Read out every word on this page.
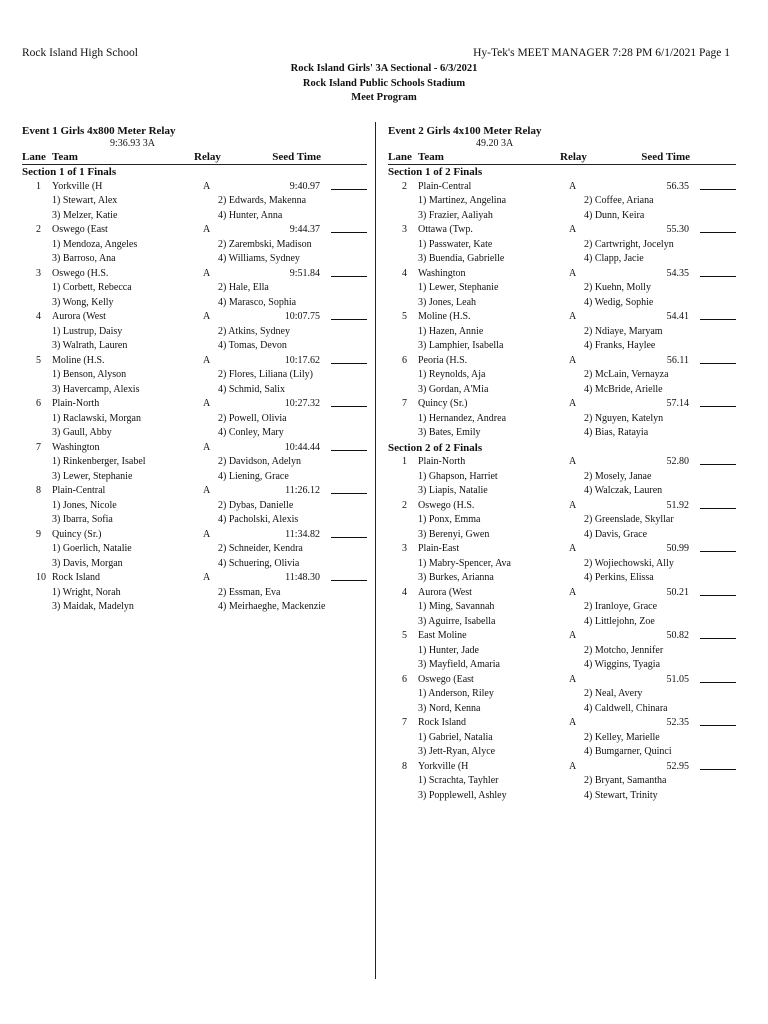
Rock Island High School	Hy-Tek's MEET MANAGER 7:28 PM 6/1/2021 Page 1
Rock Island Girls' 3A Sectional - 6/3/2021
Rock Island Public Schools Stadium
Meet Program
Event 1 Girls 4x800 Meter Relay
9:36.93 3A
Lane Team	Relay	Seed Time
Section 1 of 1 Finals
1 Yorkville (H	A	9:40.97
1) Stewart, Alex	2) Edwards, Makenna
3) Melzer, Katie	4) Hunter, Anna
2 Oswego (East	A	9:44.37
1) Mendoza, Angeles	2) Zarembski, Madison
3) Barroso, Ana	4) Williams, Sydney
3 Oswego (H.S.	A	9:51.84
1) Corbett, Rebecca	2) Hale, Ella
3) Wong, Kelly	4) Marasco, Sophia
4 Aurora (West	A	10:07.75
1) Lustrup, Daisy	2) Atkins, Sydney
3) Walrath, Lauren	4) Tomas, Devon
5 Moline (H.S.	A	10:17.62
1) Benson, Alyson	2) Flores, Liliana (Lily)
3) Havercamp, Alexis	4) Schmid, Salix
6 Plain-North	A	10:27.32
1) Raclawski, Morgan	2) Powell, Olivia
3) Gaull, Abby	4) Conley, Mary
7 Washington	A	10:44.44
1) Rinkenberger, Isabel	2) Davidson, Adelyn
3) Lewer, Stephanie	4) Liening, Grace
8 Plain-Central	A	11:26.12
1) Jones, Nicole	2) Dybas, Danielle
3) Ibarra, Sofia	4) Pacholski, Alexis
9 Quincy (Sr.)	A	11:34.82
1) Goerlich, Natalie	2) Schneider, Kendra
3) Davis, Morgan	4) Schuering, Olivia
10 Rock Island	A	11:48.30
1) Wright, Norah	2) Essman, Eva
3) Maidak, Madelyn	4) Meirhaeghe, Mackenzie
Event 2 Girls 4x100 Meter Relay
49.20 3A
Lane Team	Relay	Seed Time
Section 1 of 2 Finals
2 Plain-Central	A	56.35
1) Martinez, Angelina	2) Coffee, Ariana
3) Frazier, Aaliyah	4) Dunn, Keira
3 Ottawa (Twp.	A	55.30
1) Passwater, Kate	2) Cartwright, Jocelyn
3) Buendia, Gabrielle	4) Clapp, Jacie
4 Washington	A	54.35
1) Lewer, Stephanie	2) Kuehn, Molly
3) Jones, Leah	4) Wedig, Sophie
5 Moline (H.S.	A	54.41
1) Hazen, Annie	2) Ndiaye, Maryam
3) Lamphier, Isabella	4) Franks, Haylee
6 Peoria (H.S.	A	56.11
1) Reynolds, Aja	2) McLain, Vernayza
3) Gordan, A'Mia	4) McBride, Arielle
7 Quincy (Sr.)	A	57.14
1) Hernandez, Andrea	2) Nguyen, Katelyn
3) Bates, Emily	4) Bias, Ratayia
Section 2 of 2 Finals
1 Plain-North	A	52.80
1) Ghapson, Harriet	2) Mosely, Janae
3) Liapis, Natalie	4) Walczak, Lauren
2 Oswego (H.S.	A	51.92
1) Ponx, Emma	2) Greenslade, Skyllar
3) Berenyi, Gwen	4) Davis, Grace
3 Plain-East	A	50.99
1) Mabry-Spencer, Ava	2) Wojiechowski, Ally
3) Burkes, Arianna	4) Perkins, Elissa
4 Aurora (West	A	50.21
1) Ming, Savannah	2) Iranloye, Grace
3) Aguirre, Isabella	4) Littlejohn, Zoe
5 East Moline	A	50.82
1) Hunter, Jade	2) Motcho, Jennifer
3) Mayfield, Amaria	4) Wiggins, Tyagia
6 Oswego (East	A	51.05
1) Anderson, Riley	2) Neal, Avery
3) Nord, Kenna	4) Caldwell, Chinara
7 Rock Island	A	52.35
1) Gabriel, Natalia	2) Kelley, Marielle
3) Jett-Ryan, Alyce	4) Bumgarner, Quinci
8 Yorkville (H	A	52.95
1) Scrachta, Tayhler	2) Bryant, Samantha
3) Popplewell, Ashley	4) Stewart, Trinity
